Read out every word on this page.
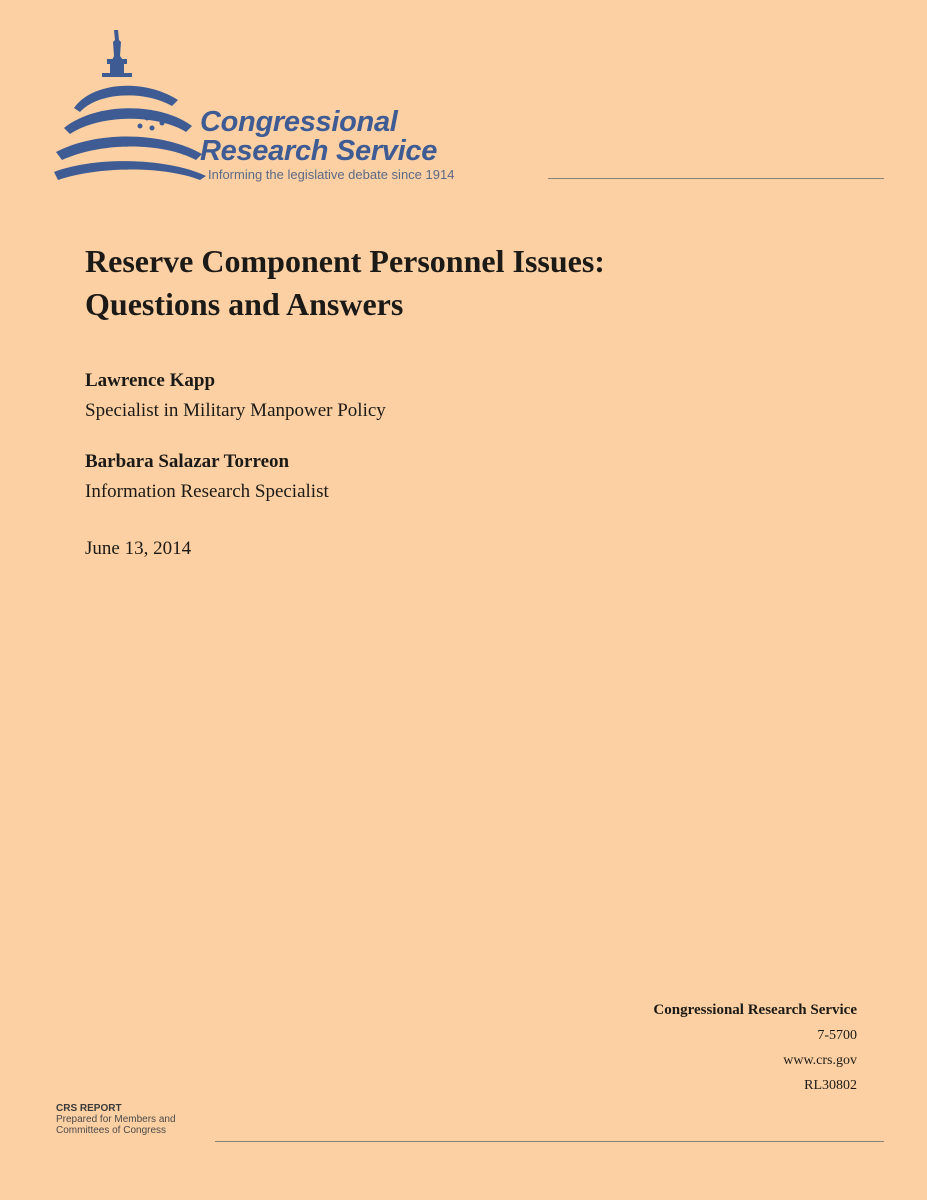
Congressional
Research Service
Informing the legislative debate since 1914
Reserve Component Personnel Issues:
Questions and Answers
Lawrence Kapp
Specialist in Military Manpower Policy
Barbara Salazar Torreon
Information Research Specialist
June 13, 2014
Congressional Research Service
7-5700
www.crs.gov
RL30802
CRS REPORT
Prepared for Members and
Committees of Congress
